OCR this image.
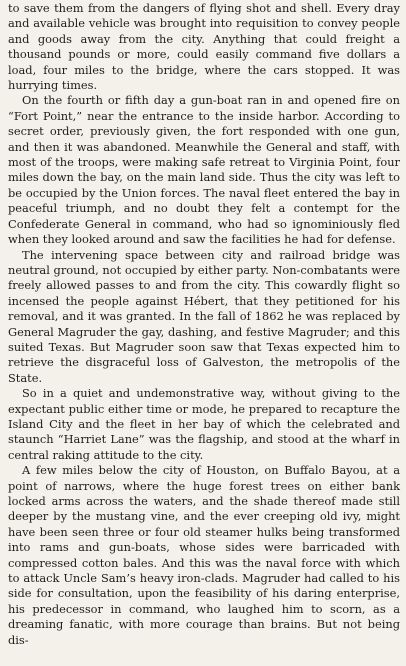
to save them from the dangers of flying shot and shell. Every dray and available vehicle was brought into requisition to convey people and goods away from the city. Anything that could freight a thousand pounds or more, could easily command five dollars a load, four miles to the bridge, where the cars stopped. It was hurrying times.

On the fourth or fifth day a gun-boat ran in and opened fire on “Fort Point,” near the entrance to the inside harbor. According to secret order, previously given, the fort responded with one gun, and then it was abandoned. Meanwhile the General and staff, with most of the troops, were making safe retreat to Virginia Point, four miles down the bay, on the main land side. Thus the city was left to be occupied by the Union forces. The naval fleet entered the bay in peaceful triumph, and no doubt they felt a contempt for the Confederate General in command, who had so ignominiously fled when they looked around and saw the facilities he had for defense.

The intervening space between city and railroad bridge was neutral ground, not occupied by either party. Non-combatants were freely allowed passes to and from the city. This cowardly flight so incensed the people against Hébert, that they petitioned for his removal, and it was granted. In the fall of 1862 he was replaced by General Magruder the gay, dashing, and festive Magruder; and this suited Texas. But Magruder soon saw that Texas expected him to retrieve the disgraceful loss of Galveston, the metropolis of the State.

So in a quiet and undemonstrative way, without giving to the expectant public either time or mode, he prepared to recapture the Island City and the fleet in her bay of which the celebrated and staunch “Harriet Lane” was the flagship, and stood at the wharf in central raking attitude to the city.

A few miles below the city of Houston, on Buffalo Bayou, at a point of narrows, where the huge forest trees on either bank locked arms across the waters, and the shade thereof made still deeper by the mustang vine, and the ever creeping old ivy, might have been seen three or four old steamer hulks being transformed into rams and gun-boats, whose sides were barricaded with compressed cotton bales. And this was the naval force with which to attack Uncle Sam’s heavy iron-clads. Magruder had called to his side for consultation, upon the feasibility of his daring enterprise, his predecessor in command, who laughed him to scorn, as a dreaming fanatic, with more courage than brains. But not being dis-
